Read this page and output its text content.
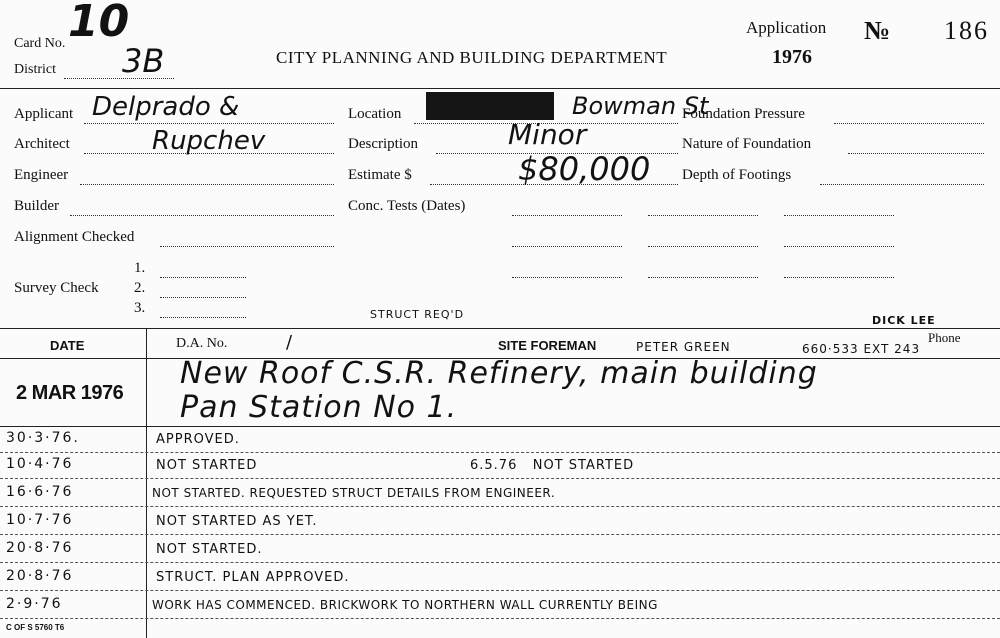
Card No. 10
District 3B	CITY PLANNING AND BUILDING DEPARTMENT
Application
1976
№ 186
Applicant Delprado &
Architect	Rupchev
Engineer
Builder
Alignment Checked
Survey Check
1.
2.
3.
Location	Bowman St
Description	Minor
Estimate $	$80,000
Conc. Tests (Dates)
Foundation Pressure
Nature of Foundation
Depth of Footings
STRUCT REQ'D	DICK LEE
DATE	D.A. No.	/	SITE FOREMAN	PETER GREEN
Phone
660·533 EXT 243
2 MAR 1976
New Roof C.S.R. Refinery, main building
Pan Station No 1.
30·3·76.	APPROVED.
10·4·76	NOT STARTED	6.5.76   NOT STARTED
16·6·76	NOT STARTED. REQUESTED STRUCT DETAILS FROM ENGINEER.
10·7·76	NOT STARTED AS YET.
20·8·76	NOT STARTED.
20·8·76	STRUCT. PLAN APPROVED.
2·9·76	WORK HAS COMMENCED. BRICKWORK TO NORTHERN WALL CURRENTLY BEING
C OF S 5760 T6
